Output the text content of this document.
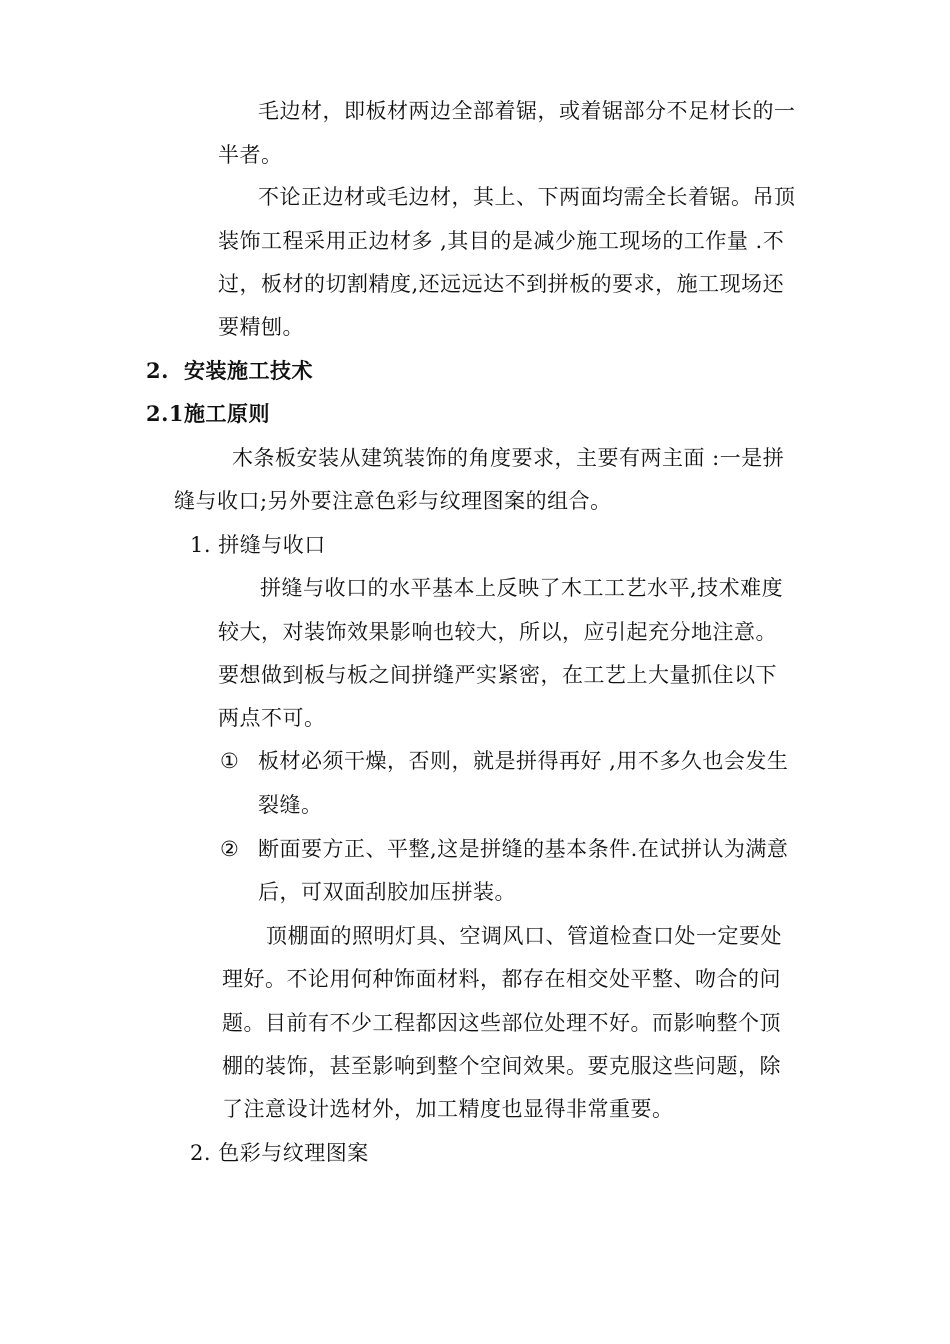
毛边材，即板材两边全部着锯，或着锯部分不足材长的一
半者。
不论正边材或毛边材，其上、下两面均需全长着锯。吊顶
装饰工程采用正边材多 ,其目的是减少施工现场的工作量 .不
过，板材的切割精度,还远远达不到拼板的要求，施工现场还
要精刨。
2. 安装施工技术
2.1施工原则
木条板安装从建筑装饰的角度要求，主要有两主面 :一是拼
缝与收口;另外要注意色彩与纹理图案的组合。
1. 拼缝与收口
拼缝与收口的水平基本上反映了木工工艺水平,技术难度
较大，对装饰效果影响也较大，所以，应引起充分地注意。
要想做到板与板之间拼缝严实紧密，在工艺上大量抓住以下
两点不可。
① 板材必须干燥，否则，就是拼得再好 ,用不多久也会发生
裂缝。
② 断面要方正、平整,这是拼缝的基本条件.在试拼认为满意
后，可双面刮胶加压拼装。
顶棚面的照明灯具、空调风口、管道检查口处一定要处
理好。不论用何种饰面材料，都存在相交处平整、吻合的问
题。目前有不少工程都因这些部位处理不好。而影响整个顶
棚的装饰，甚至影响到整个空间效果。要克服这些问题，除
了注意设计选材外，加工精度也显得非常重要。
2. 色彩与纹理图案
